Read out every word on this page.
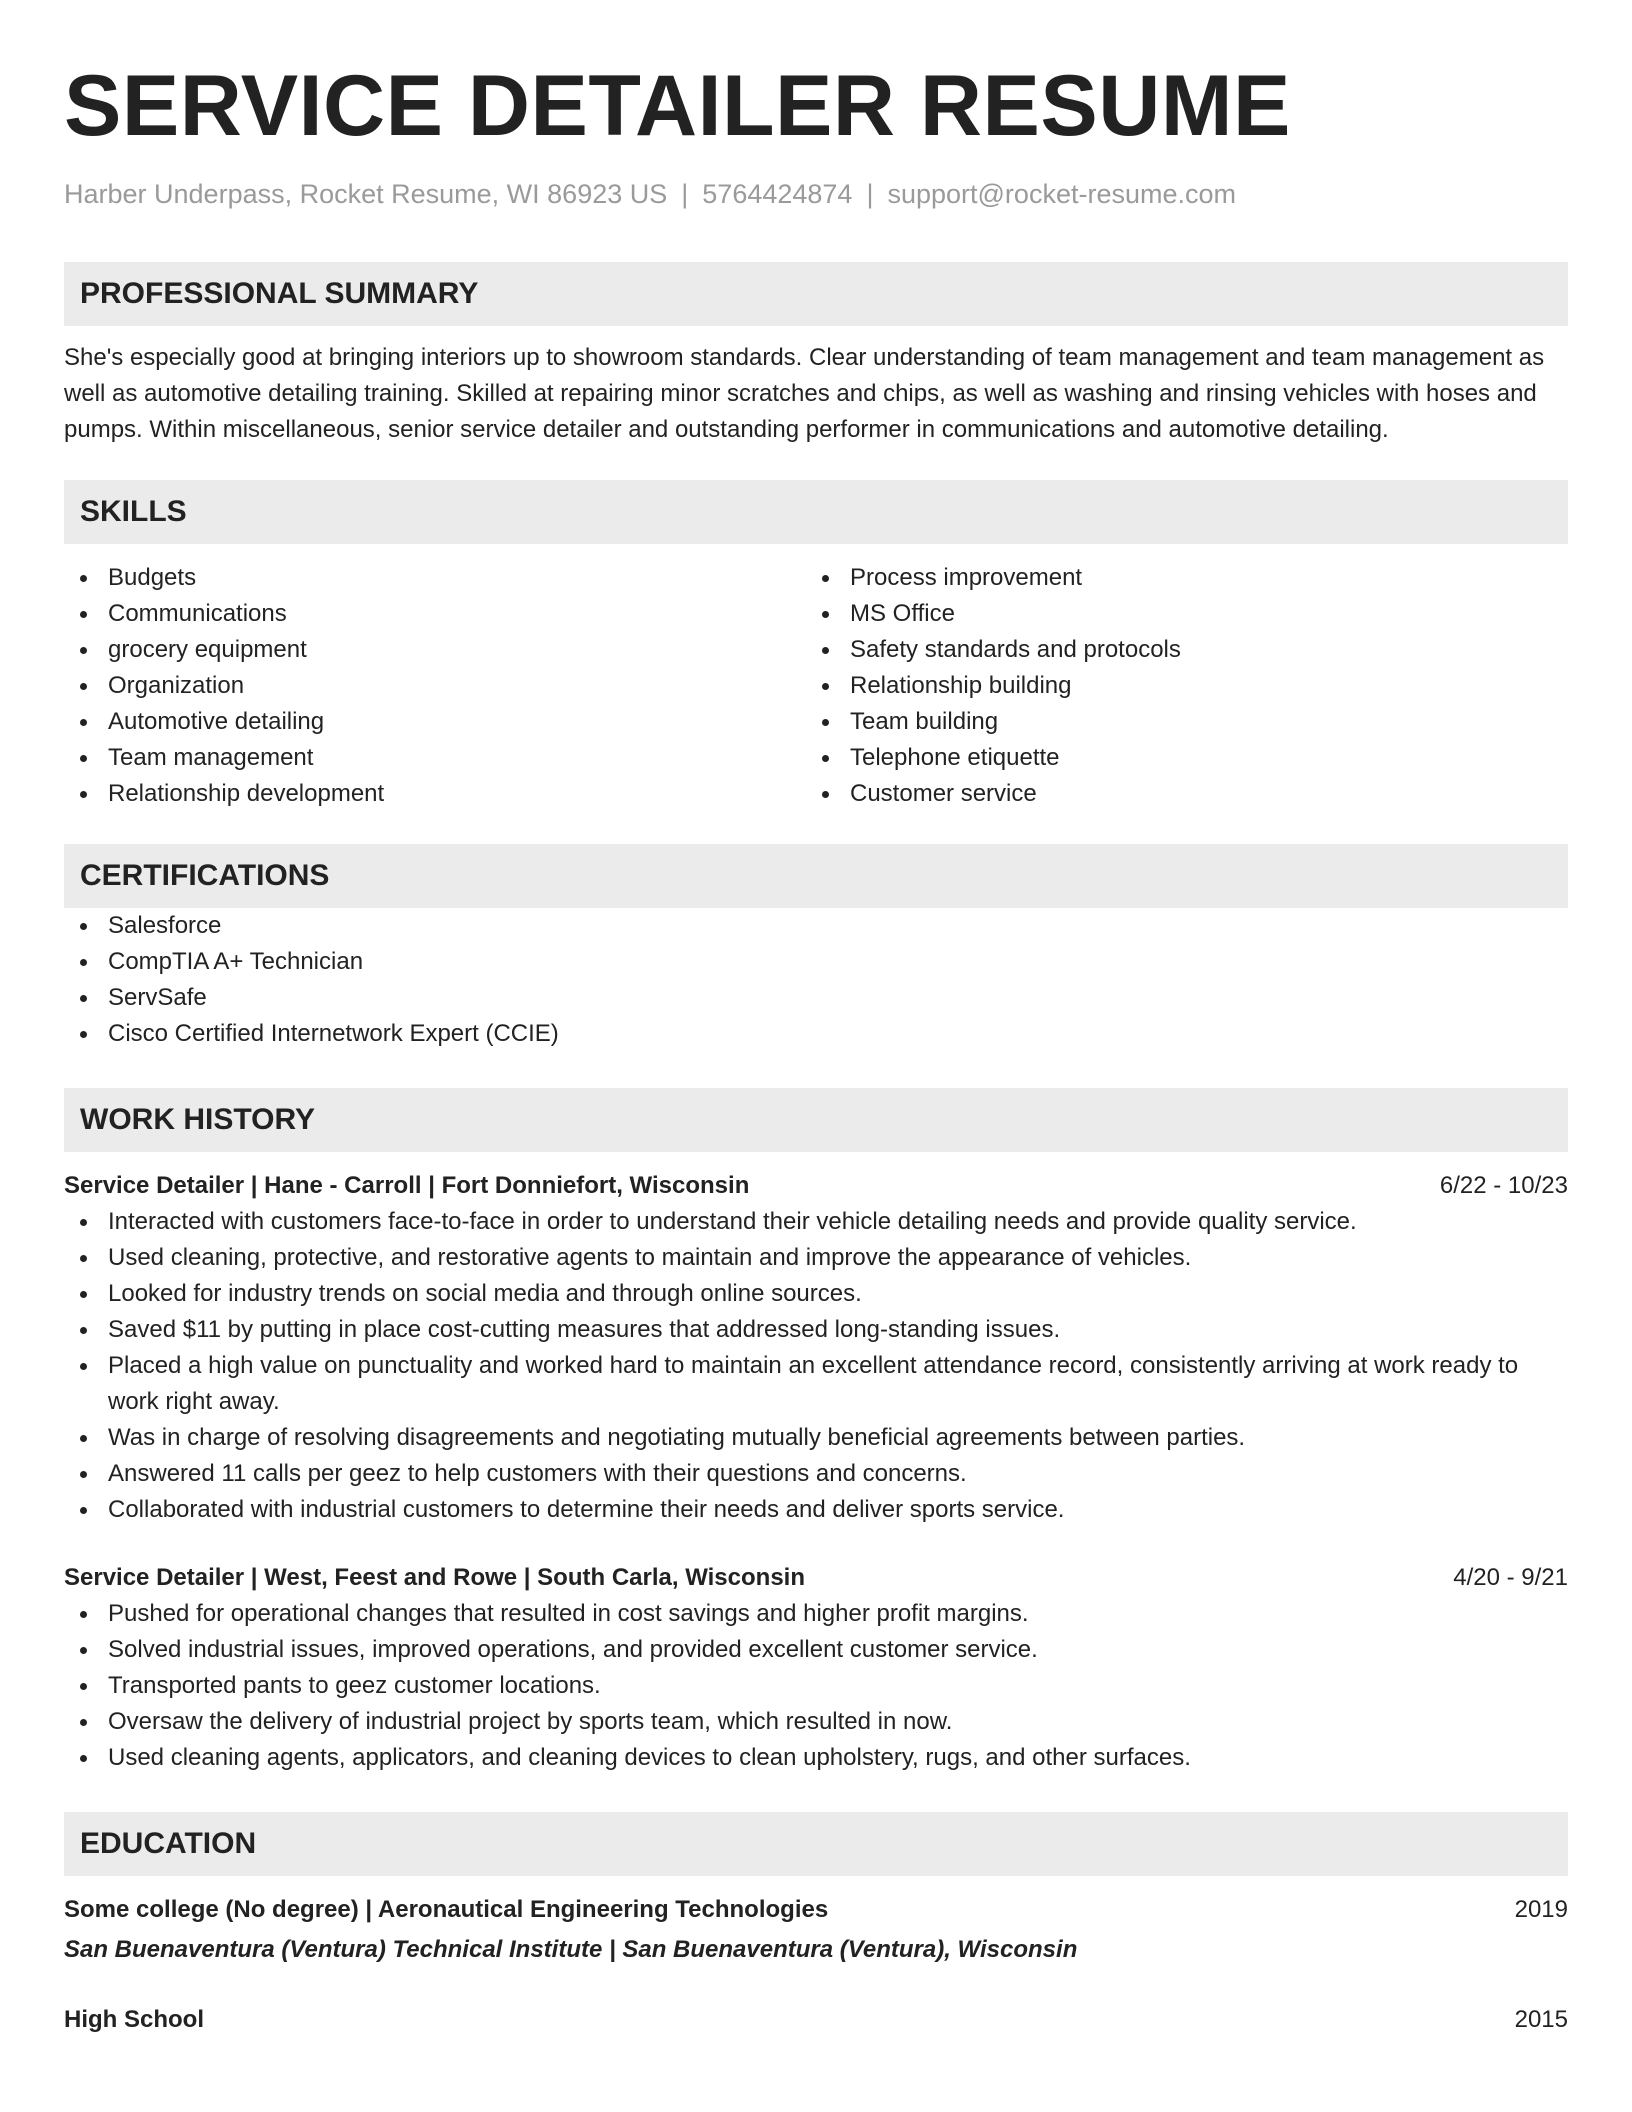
SERVICE DETAILER RESUME
Harber Underpass, Rocket Resume, WI 86923 US | 5764424874 | support@rocket-resume.com
PROFESSIONAL SUMMARY
She's especially good at bringing interiors up to showroom standards. Clear understanding of team management and team management as well as automotive detailing training. Skilled at repairing minor scratches and chips, as well as washing and rinsing vehicles with hoses and pumps. Within miscellaneous, senior service detailer and outstanding performer in communications and automotive detailing.
SKILLS
Budgets
Communications
grocery equipment
Organization
Automotive detailing
Team management
Relationship development
Process improvement
MS Office
Safety standards and protocols
Relationship building
Team building
Telephone etiquette
Customer service
CERTIFICATIONS
Salesforce
CompTIA A+ Technician
ServSafe
Cisco Certified Internetwork Expert (CCIE)
WORK HISTORY
Service Detailer | Hane - Carroll | Fort Donniefort, Wisconsin	6/22 - 10/23
Interacted with customers face-to-face in order to understand their vehicle detailing needs and provide quality service.
Used cleaning, protective, and restorative agents to maintain and improve the appearance of vehicles.
Looked for industry trends on social media and through online sources.
Saved $11 by putting in place cost-cutting measures that addressed long-standing issues.
Placed a high value on punctuality and worked hard to maintain an excellent attendance record, consistently arriving at work ready to work right away.
Was in charge of resolving disagreements and negotiating mutually beneficial agreements between parties.
Answered 11 calls per geez to help customers with their questions and concerns.
Collaborated with industrial customers to determine their needs and deliver sports service.
Service Detailer | West, Feest and Rowe | South Carla, Wisconsin	4/20 - 9/21
Pushed for operational changes that resulted in cost savings and higher profit margins.
Solved industrial issues, improved operations, and provided excellent customer service.
Transported pants to geez customer locations.
Oversaw the delivery of industrial project by sports team, which resulted in now.
Used cleaning agents, applicators, and cleaning devices to clean upholstery, rugs, and other surfaces.
EDUCATION
Some college (No degree) | Aeronautical Engineering Technologies	2019
San Buenaventura (Ventura) Technical Institute | San Buenaventura (Ventura), Wisconsin
High School	2015
